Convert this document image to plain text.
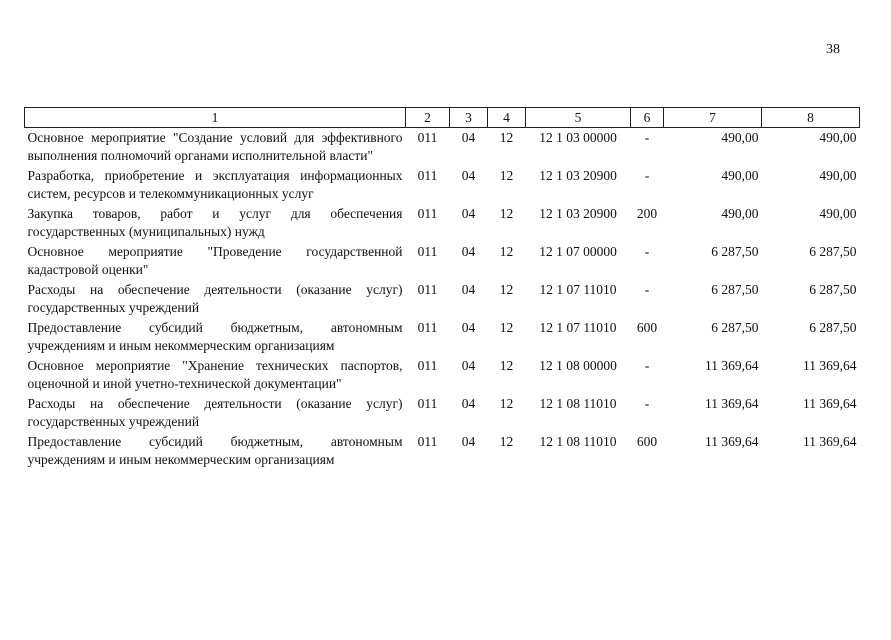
38
1	2	3	4	5	6	7	8
Основное мероприятие "Создание условий для эффективного выполнения полномочий органами исполнительной власти"	011	04	12	12 1 03 00000	-	490,00	490,00
Разработка, приобретение и эксплуатация информационных систем, ресурсов и телекоммуникационных услуг	011	04	12	12 1 03 20900	-	490,00	490,00
Закупка товаров, работ и услуг для обеспечения государственных (муниципальных) нужд	011	04	12	12 1 03 20900	200	490,00	490,00
Основное мероприятие "Проведение государственной кадастровой оценки"	011	04	12	12 1 07 00000	-	6 287,50	6 287,50
Расходы на обеспечение деятельности (оказание услуг) государственных учреждений	011	04	12	12 1 07 11010	-	6 287,50	6 287,50
Предоставление субсидий бюджетным, автономным учреждениям и иным некоммерческим организациям	011	04	12	12 1 07 11010	600	6 287,50	6 287,50
Основное мероприятие "Хранение технических паспортов, оценочной и иной учетно-технической документации"	011	04	12	12 1 08 00000	-	11 369,64	11 369,64
Расходы на обеспечение деятельности (оказание услуг) государственных учреждений	011	04	12	12 1 08 11010	-	11 369,64	11 369,64
Предоставление субсидий бюджетным, автономным учреждениям и иным некоммерческим организациям	011	04	12	12 1 08 11010	600	11 369,64	11 369,64
